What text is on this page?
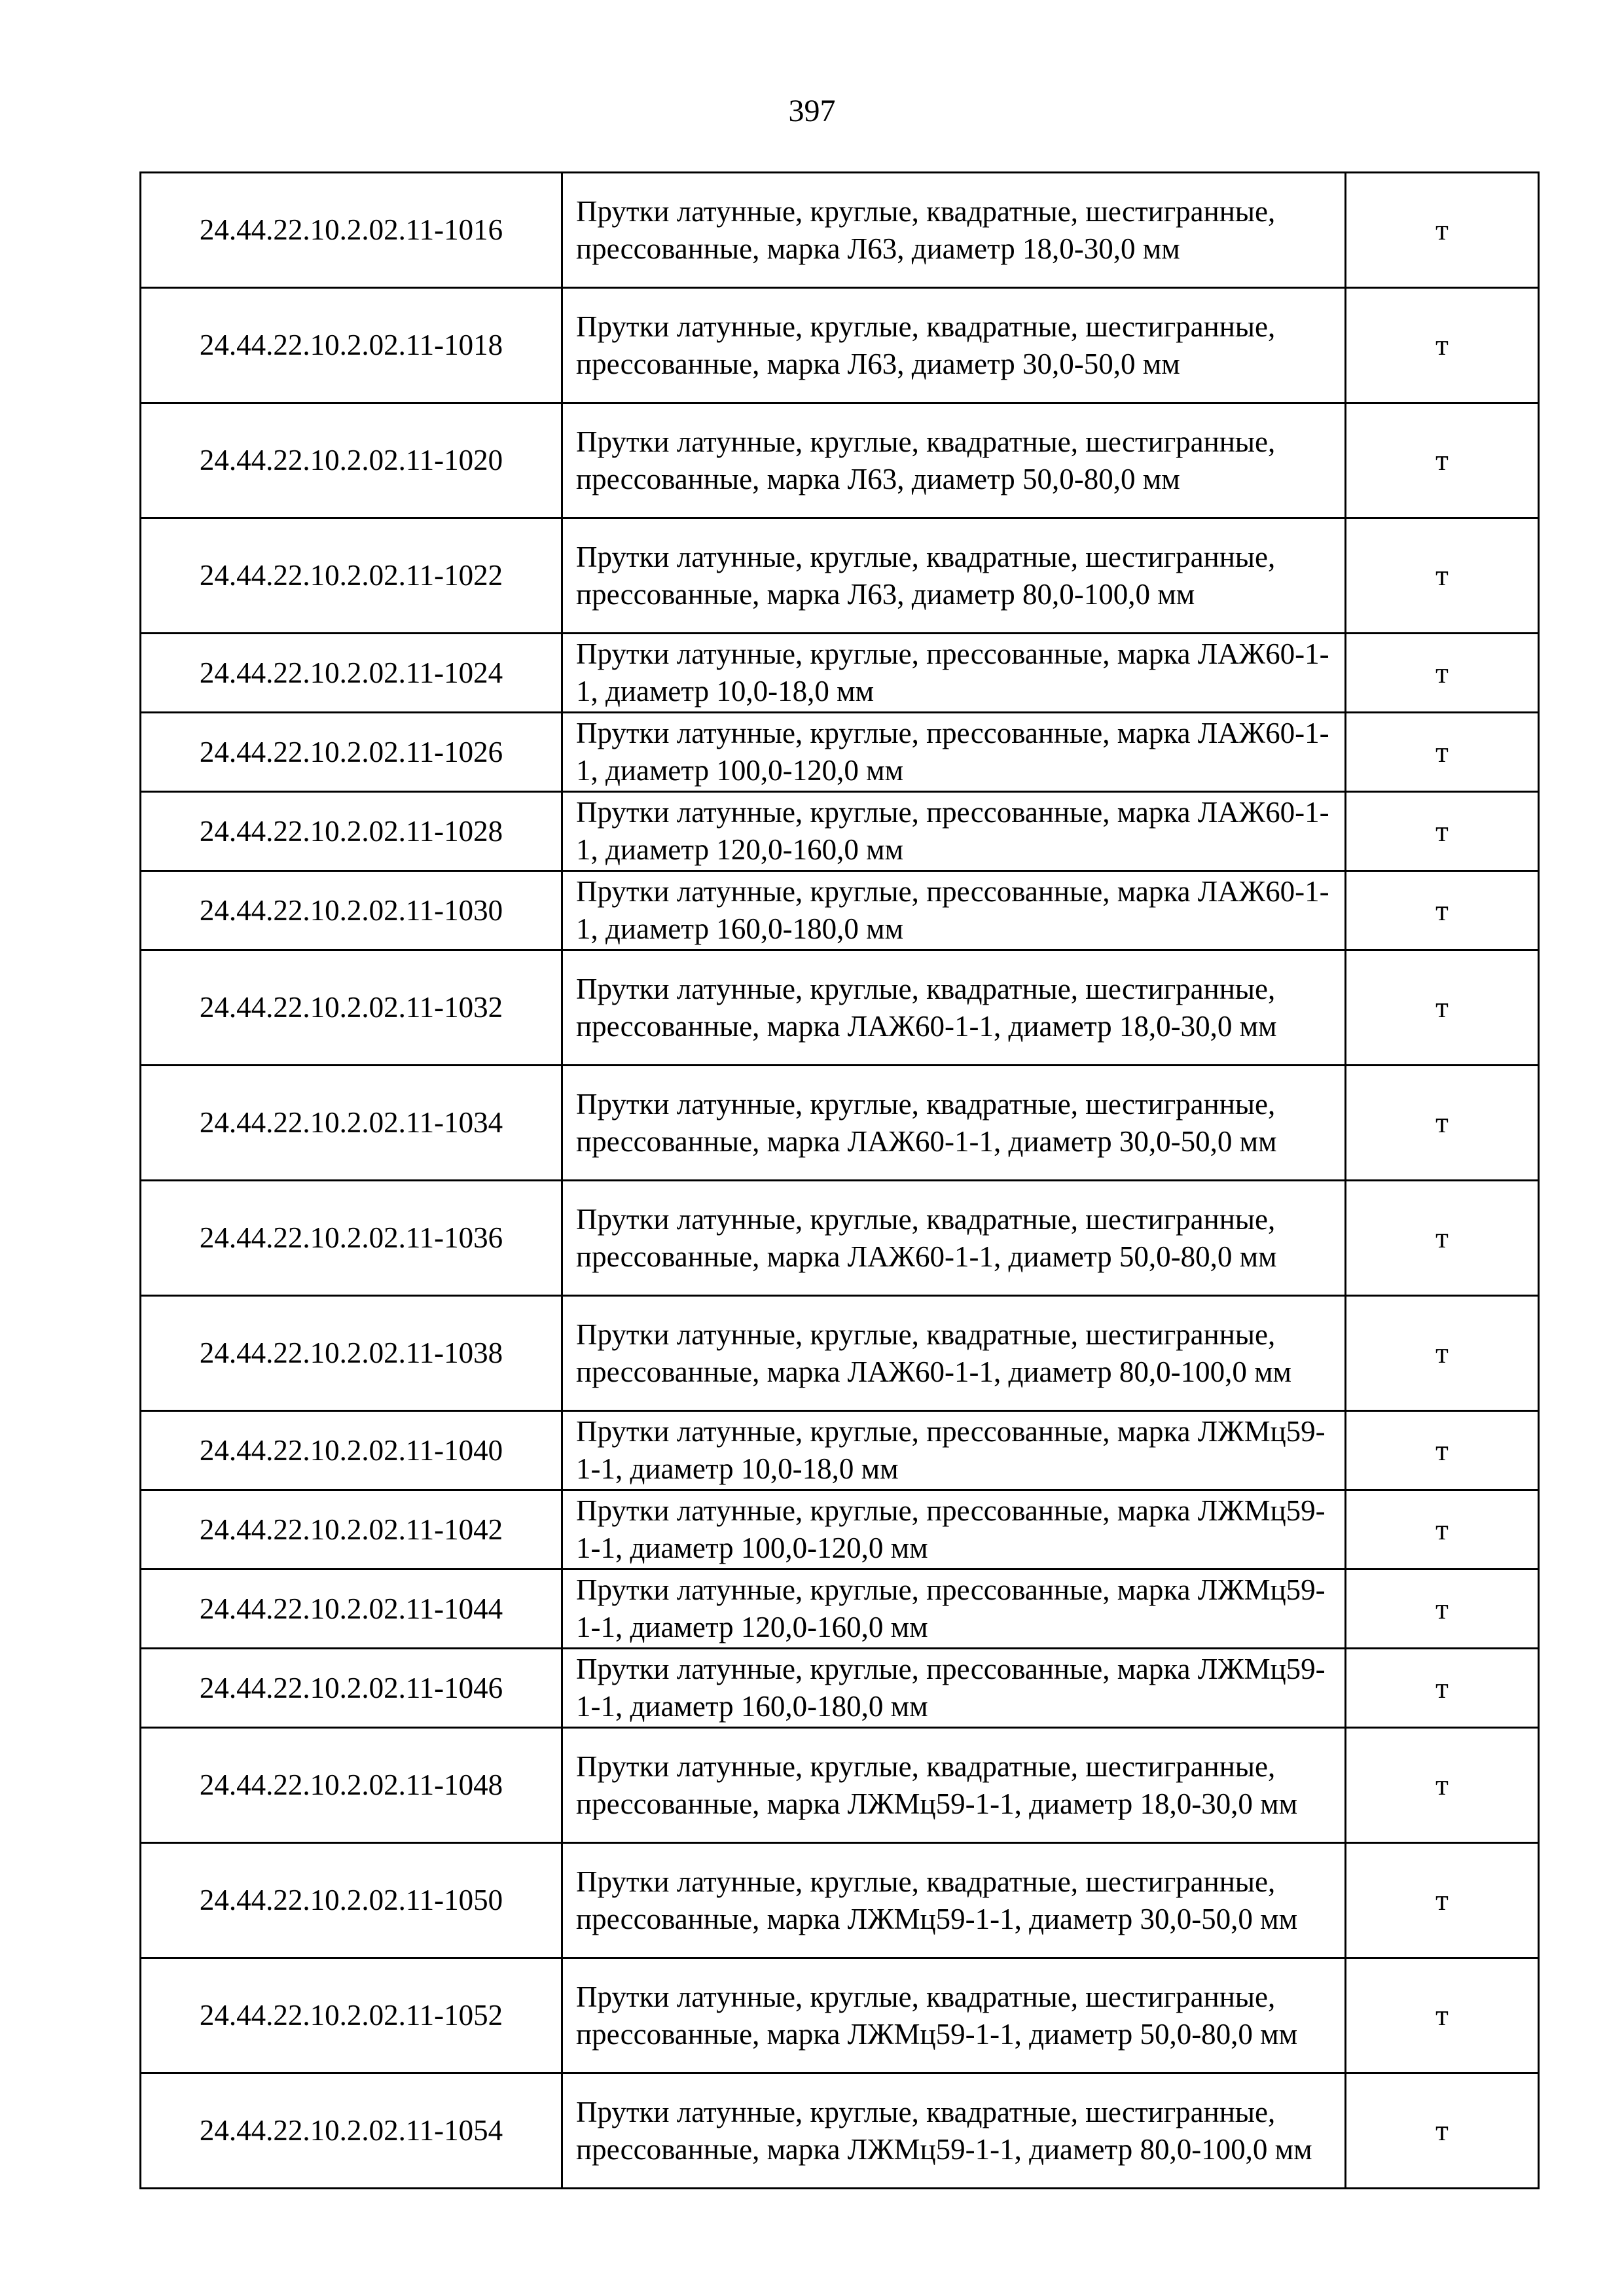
397
24.44.22.10.2.02.11-1016	Прутки латунные, круглые, квадратные, шестигранные, прессованные, марка Л63, диаметр 18,0-30,0 мм	т
24.44.22.10.2.02.11-1018	Прутки латунные, круглые, квадратные, шестигранные, прессованные, марка Л63, диаметр 30,0-50,0 мм	т
24.44.22.10.2.02.11-1020	Прутки латунные, круглые, квадратные, шестигранные, прессованные, марка Л63, диаметр 50,0-80,0 мм	т
24.44.22.10.2.02.11-1022	Прутки латунные, круглые, квадратные, шестигранные, прессованные, марка Л63, диаметр 80,0-100,0 мм	т
24.44.22.10.2.02.11-1024	Прутки латунные, круглые, прессованные, марка ЛАЖ60-1-1, диаметр 10,0-18,0 мм	т
24.44.22.10.2.02.11-1026	Прутки латунные, круглые, прессованные, марка ЛАЖ60-1-1, диаметр 100,0-120,0 мм	т
24.44.22.10.2.02.11-1028	Прутки латунные, круглые, прессованные, марка ЛАЖ60-1-1, диаметр 120,0-160,0 мм	т
24.44.22.10.2.02.11-1030	Прутки латунные, круглые, прессованные, марка ЛАЖ60-1-1, диаметр 160,0-180,0 мм	т
24.44.22.10.2.02.11-1032	Прутки латунные, круглые, квадратные, шестигранные, прессованные, марка ЛАЖ60-1-1, диаметр 18,0-30,0 мм	т
24.44.22.10.2.02.11-1034	Прутки латунные, круглые, квадратные, шестигранные, прессованные, марка ЛАЖ60-1-1, диаметр 30,0-50,0 мм	т
24.44.22.10.2.02.11-1036	Прутки латунные, круглые, квадратные, шестигранные, прессованные, марка ЛАЖ60-1-1, диаметр 50,0-80,0 мм	т
24.44.22.10.2.02.11-1038	Прутки латунные, круглые, квадратные, шестигранные, прессованные, марка ЛАЖ60-1-1, диаметр 80,0-100,0 мм	т
24.44.22.10.2.02.11-1040	Прутки латунные, круглые, прессованные, марка ЛЖМц59-1-1, диаметр 10,0-18,0 мм	т
24.44.22.10.2.02.11-1042	Прутки латунные, круглые, прессованные, марка ЛЖМц59-1-1, диаметр 100,0-120,0 мм	т
24.44.22.10.2.02.11-1044	Прутки латунные, круглые, прессованные, марка ЛЖМц59-1-1, диаметр 120,0-160,0 мм	т
24.44.22.10.2.02.11-1046	Прутки латунные, круглые, прессованные, марка ЛЖМц59-1-1, диаметр 160,0-180,0 мм	т
24.44.22.10.2.02.11-1048	Прутки латунные, круглые, квадратные, шестигранные, прессованные, марка ЛЖМц59-1-1, диаметр 18,0-30,0 мм	т
24.44.22.10.2.02.11-1050	Прутки латунные, круглые, квадратные, шестигранные, прессованные, марка ЛЖМц59-1-1, диаметр 30,0-50,0 мм	т
24.44.22.10.2.02.11-1052	Прутки латунные, круглые, квадратные, шестигранные, прессованные, марка ЛЖМц59-1-1, диаметр 50,0-80,0 мм	т
24.44.22.10.2.02.11-1054	Прутки латунные, круглые, квадратные, шестигранные, прессованные, марка ЛЖМц59-1-1, диаметр 80,0-100,0 мм	т
